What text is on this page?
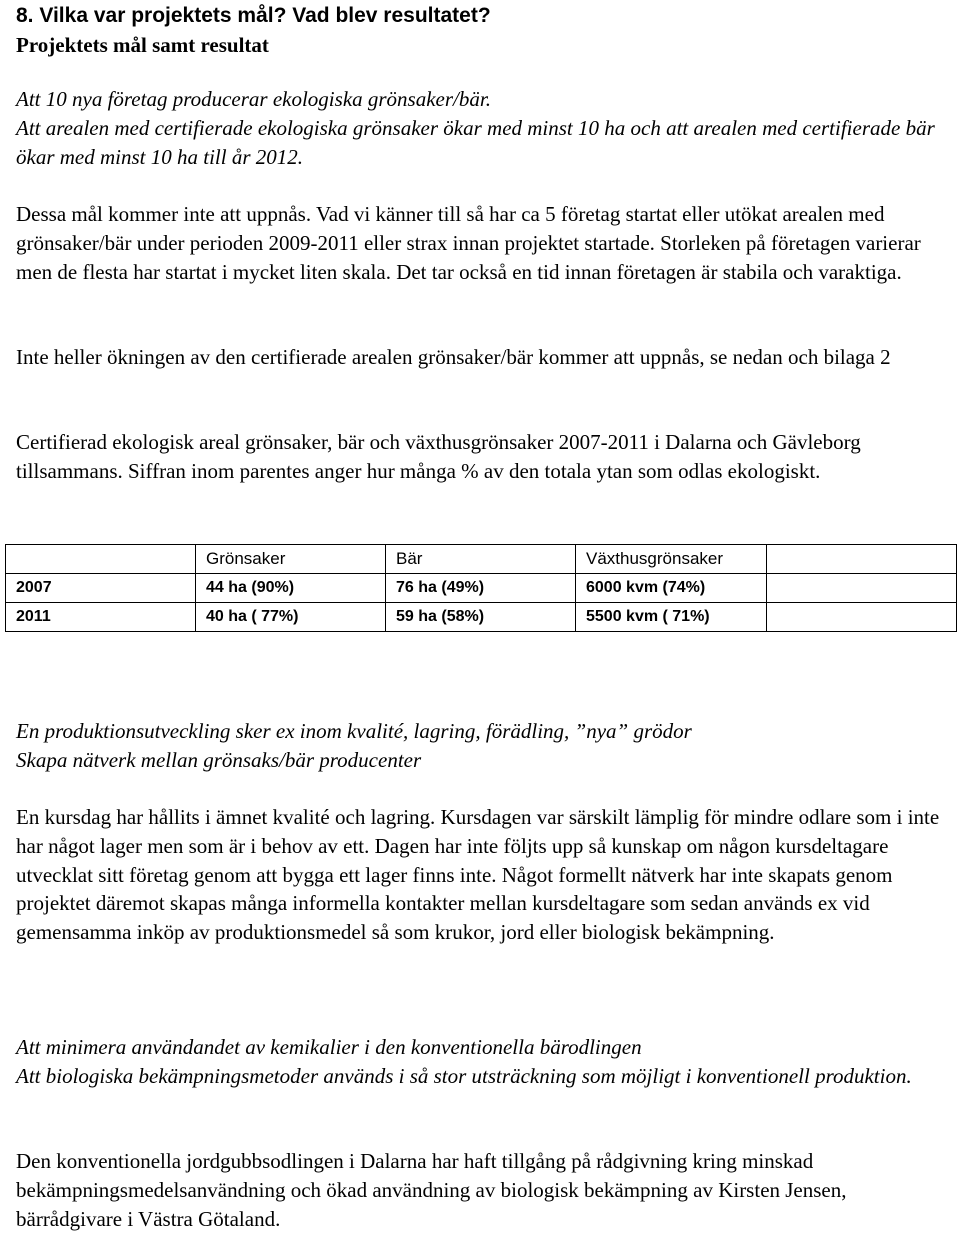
8. Vilka var projektets mål? Vad blev resultatet?
Projektets mål samt resultat
Att 10 nya företag producerar ekologiska grönsaker/bär.
Att arealen med certifierade ekologiska grönsaker ökar med minst 10 ha och att arealen med certifierade bär ökar med minst 10 ha till år 2012.

Dessa mål kommer inte att uppnås. Vad vi känner till så har ca 5 företag startat eller utökat arealen med grönsaker/bär under perioden 2009-2011 eller strax innan projektet startade. Storleken på företagen varierar men de flesta har startat i mycket liten skala. Det tar också en tid innan företagen är stabila och varaktiga.

Inte heller ökningen av den certifierade arealen grönsaker/bär kommer att uppnås, se nedan och bilaga 2

Certifierad ekologisk areal grönsaker, bär och växthusgrönsaker 2007-2011 i Dalarna och Gävleborg tillsammans. Siffran inom parentes anger hur många % av den totala ytan som odlas ekologiskt.

	Grönsaker	Bär	Växthusgrönsaker	
2007	44 ha (90%)	76 ha (49%)	6000 kvm (74%)	
2011	40 ha ( 77%)	59 ha (58%)	5500 kvm ( 71%)	
En produktionsutveckling sker ex inom kvalité, lagring, förädling, ”nya” grödor
Skapa nätverk mellan grönsaks/bär producenter

En kursdag har hållits i ämnet kvalité och lagring. Kursdagen var särskilt lämplig för mindre odlare som i inte har något lager men som är i behov av ett. Dagen har inte följts upp så kunskap om någon kursdeltagare utvecklat sitt företag genom att bygga ett lager finns inte. Något formellt nätverk har inte skapats genom projektet däremot skapas många informella kontakter mellan kursdeltagare som sedan används ex vid gemensamma inköp av produktionsmedel så som krukor, jord eller biologisk bekämpning.

Att minimera användandet av kemikalier i den konventionella bärodlingen
Att biologiska bekämpningsmetoder används i så stor utsträckning som möjligt i konventionell produktion.

Den konventionella jordgubbsodlingen i Dalarna har haft tillgång på rådgivning kring minskad bekämpningsmedelsanvändning och ökad användning av biologisk bekämpning av Kirsten Jensen, bärrådgivare i Västra Götaland.
